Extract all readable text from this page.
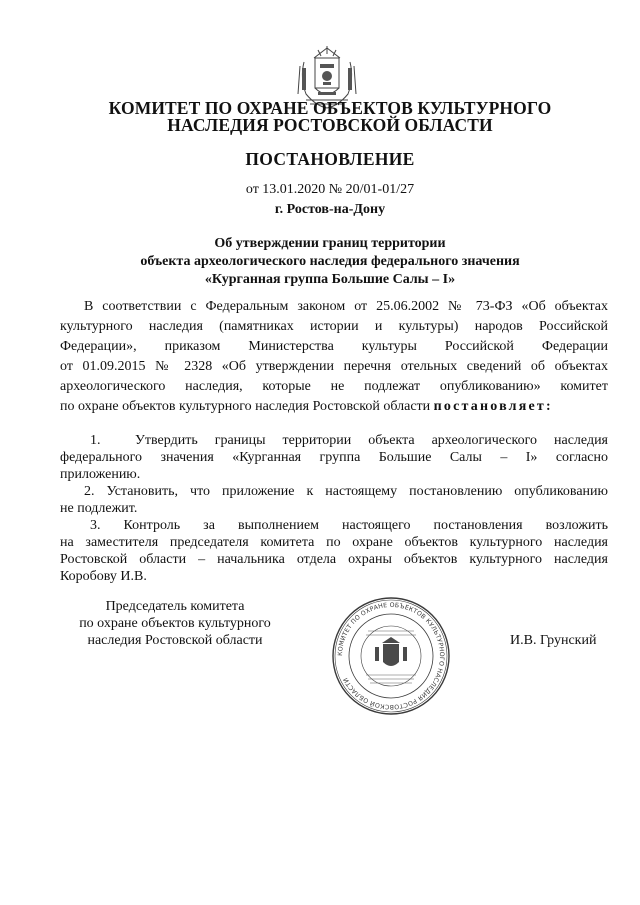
КОМИТЕТ ПО ОХРАНЕ ОБЪЕКТОВ КУЛЬТУРНОГО
НАСЛЕДИЯ РОСТОВСКОЙ ОБЛАСТИ
ПОСТАНОВЛЕНИЕ
от 13.01.2020 № 20/01-01/27
г. Ростов-на-Дону
Об утверждении границ территории
объекта археологического наследия федерального значения
«Курганная группа Большие Салы – I»
В соответствии с Федеральным законом от 25.06.2002 № 73-ФЗ «Об объектах
культурного наследия (памятниках истории и культуры) народов Российской
Федерации», приказом Министерства культуры Российской Федерации
от 01.09.2015 № 2328 «Об утверждении перечня отельных сведений об объектах
археологического наследия, которые не подлежат опубликованию» комитет
по охране объектов культурного наследия Ростовской области постановляет:
1.	Утвердить границы территории объекта археологического наследия
федерального значения «Курганная группа Большие Салы – I» согласно
приложению.
2. Установить, что приложение к настоящему постановлению опубликованию
не подлежит.
3. Контроль за выполнением настоящего постановления возложить
на заместителя председателя комитета по охране объектов культурного наследия
Ростовской области – начальника отдела охраны объектов культурного наследия
Коробову И.В.
КОМИТЕТ ПО ОХРАНЕ ОБЪЕКТОВ КУЛЬТУРНОГО НАСЛЕДИЯ РОСТОВСКОЙ ОБЛАСТИ
Председатель комитета
по охране объектов культурного
наследия Ростовской области	И.В. Грунский
